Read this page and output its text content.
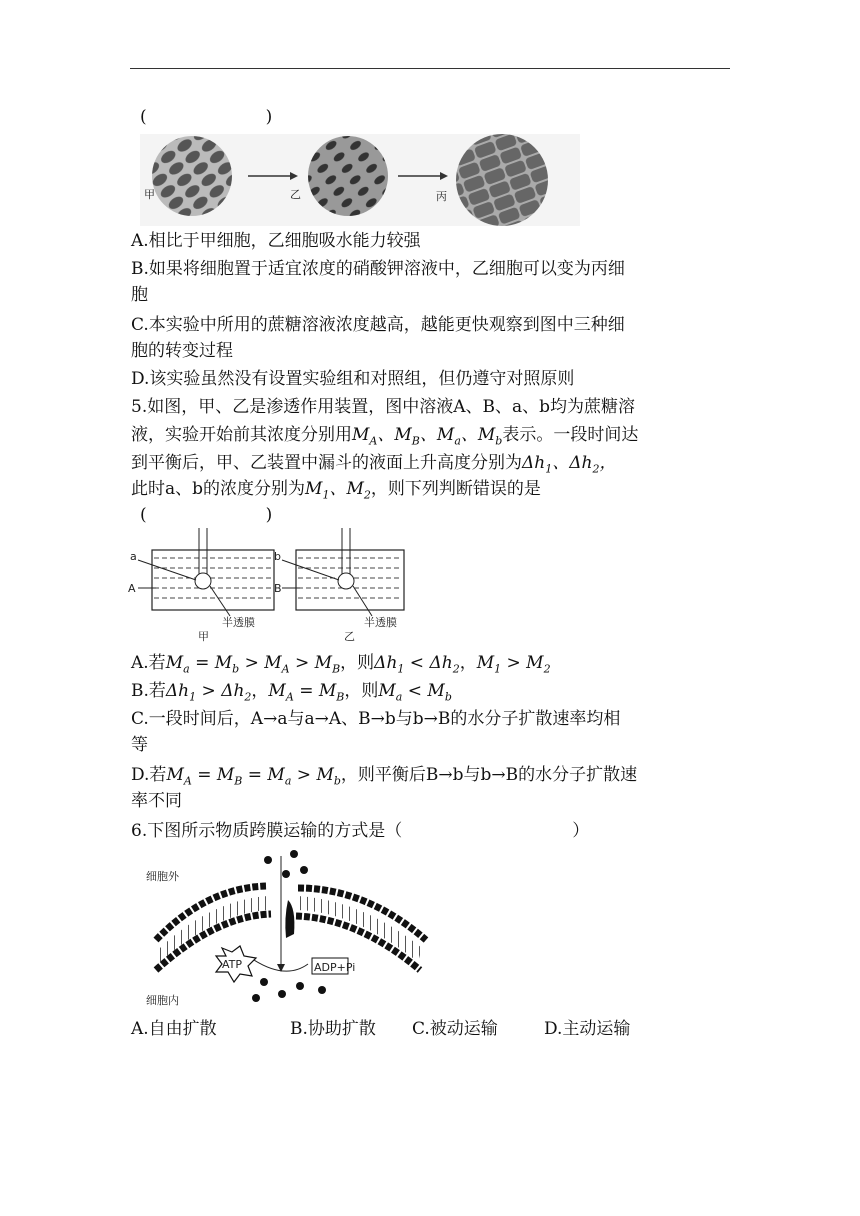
(　　　　　　　)
甲	乙	丙
A.相比于甲细胞，乙细胞吸水能力较强
B.如果将细胞置于适宜浓度的硝酸钾溶液中，乙细胞可以变为丙细
胞
C.本实验中所用的蔗糖溶液浓度越高，越能更快观察到图中三种细
胞的转变过程
D.该实验虽然没有设置实验组和对照组，但仍遵守对照原则
5.如图，甲、乙是渗透作用装置，图中溶液A、B、a、b均为蔗糖溶
液，实验开始前其浓度分别用$M_A$、$M_B$、$M_a$、$M_b$表示。一段时间达
到平衡后，甲、乙装置中漏斗的液面上升高度分别为$\Delta h_1$、$\Delta h_2$，
此时a、b的浓度分别为$M_1$、$M_2$，则下列判断错误的是
(　　　　　　　)
a
A
半透膜
甲
b
B
半透膜
乙
A.若$M_a = M_b > M_A > M_B$，则$\Delta h_1 < \Delta h_2$，$M_1 > M_2$
B.若$\Delta h_1 > \Delta h_2$，$M_A = M_B$，则$M_a < M_b$
C.一段时间后，A→a与a→A、B→b与b→B的水分子扩散速率均相
等
D.若$M_A = M_B = M_a > M_b$，则平衡后B→b与b→B的水分子扩散速
率不同
6.下图所示物质跨膜运输的方式是（　　　　　　　　　　）
细胞外
细胞内
ATP	ADP+Pi
A.自由扩散	B.协助扩散 C.被动运输	D.主动运输
